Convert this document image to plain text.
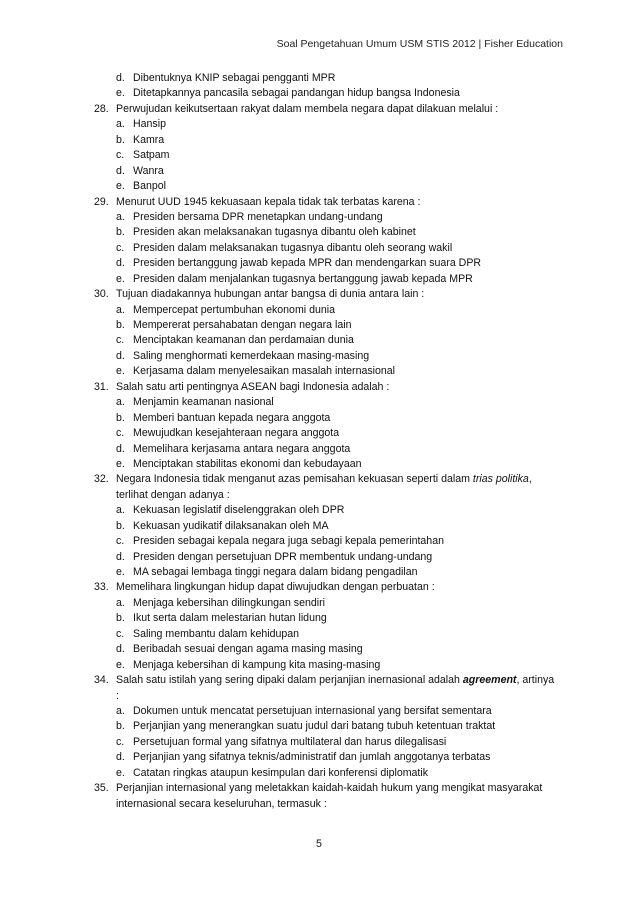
Soal Pengetahuan Umum USM STIS 2012 | Fisher Education
d. Dibentuknya KNIP sebagai pengganti MPR
e. Ditetapkannya pancasila sebagai pandangan hidup bangsa Indonesia
28. Perwujudan keikutsertaan rakyat dalam membela negara dapat dilakuan melalui :
a. Hansip
b. Kamra
c. Satpam
d. Wanra
e. Banpol
29. Menurut UUD 1945 kekuasaan kepala tidak tak terbatas karena :
a. Presiden bersama DPR menetapkan undang-undang
b. Presiden akan melaksanakan tugasnya dibantu oleh kabinet
c. Presiden dalam melaksanakan tugasnya dibantu oleh seorang wakil
d. Presiden bertanggung jawab kepada MPR dan mendengarkan suara DPR
e. Presiden dalam menjalankan tugasnya bertanggung jawab kepada MPR
30. Tujuan diadakannya hubungan antar bangsa di dunia antara lain :
a. Mempercepat pertumbuhan ekonomi dunia
b. Mempererat persahabatan dengan negara lain
c. Menciptakan keamanan dan perdamaian dunia
d. Saling menghormati kemerdekaan masing-masing
e. Kerjasama dalam menyelesaikan masalah internasional
31. Salah satu arti pentingnya ASEAN bagi Indonesia adalah :
a. Menjamin keamanan nasional
b. Memberi bantuan kepada negara anggota
c. Mewujudkan kesejahteraan negara anggota
d. Memelihara kerjasama antara negara anggota
e. Menciptakan stabilitas ekonomi dan kebudayaan
32. Negara Indonesia tidak menganut azas pemisahan kekuasan seperti dalam trias politika,
terlihat dengan adanya :
a. Kekuasan legislatif diselenggrakan oleh DPR
b. Kekuasan yudikatif dilaksanakan oleh MA
c. Presiden sebagai kepala negara juga sebagi kepala pemerintahan
d. Presiden dengan persetujuan DPR membentuk undang-undang
e. MA sebagai lembaga tinggi negara dalam bidang pengadilan
33. Memelihara lingkungan hidup dapat diwujudkan dengan perbuatan :
a. Menjaga kebersihan dilingkungan sendiri
b. Ikut serta dalam melestarian hutan lidung
c. Saling membantu dalam kehidupan
d. Beribadah sesuai dengan agama masing masing
e. Menjaga kebersihan di kampung kita masing-masing
34. Salah satu istilah yang sering dipaki dalam perjanjian inernasional adalah agreement, artinya
:
a. Dokumen untuk mencatat persetujuan internasional yang bersifat sementara
b. Perjanjian yang menerangkan suatu judul dari batang tubuh ketentuan traktat
c. Persetujuan formal yang sifatnya multilateral dan harus dilegalisasi
d. Perjanjian yang sifatnya teknis/administratif dan jumlah anggotanya terbatas
e. Catatan ringkas ataupun kesimpulan dari konferensi diplomatik
35. Perjanjian internasional yang meletakkan kaidah-kaidah hukum yang mengikat masyarakat
internasional secara keseluruhan, termasuk :
5
